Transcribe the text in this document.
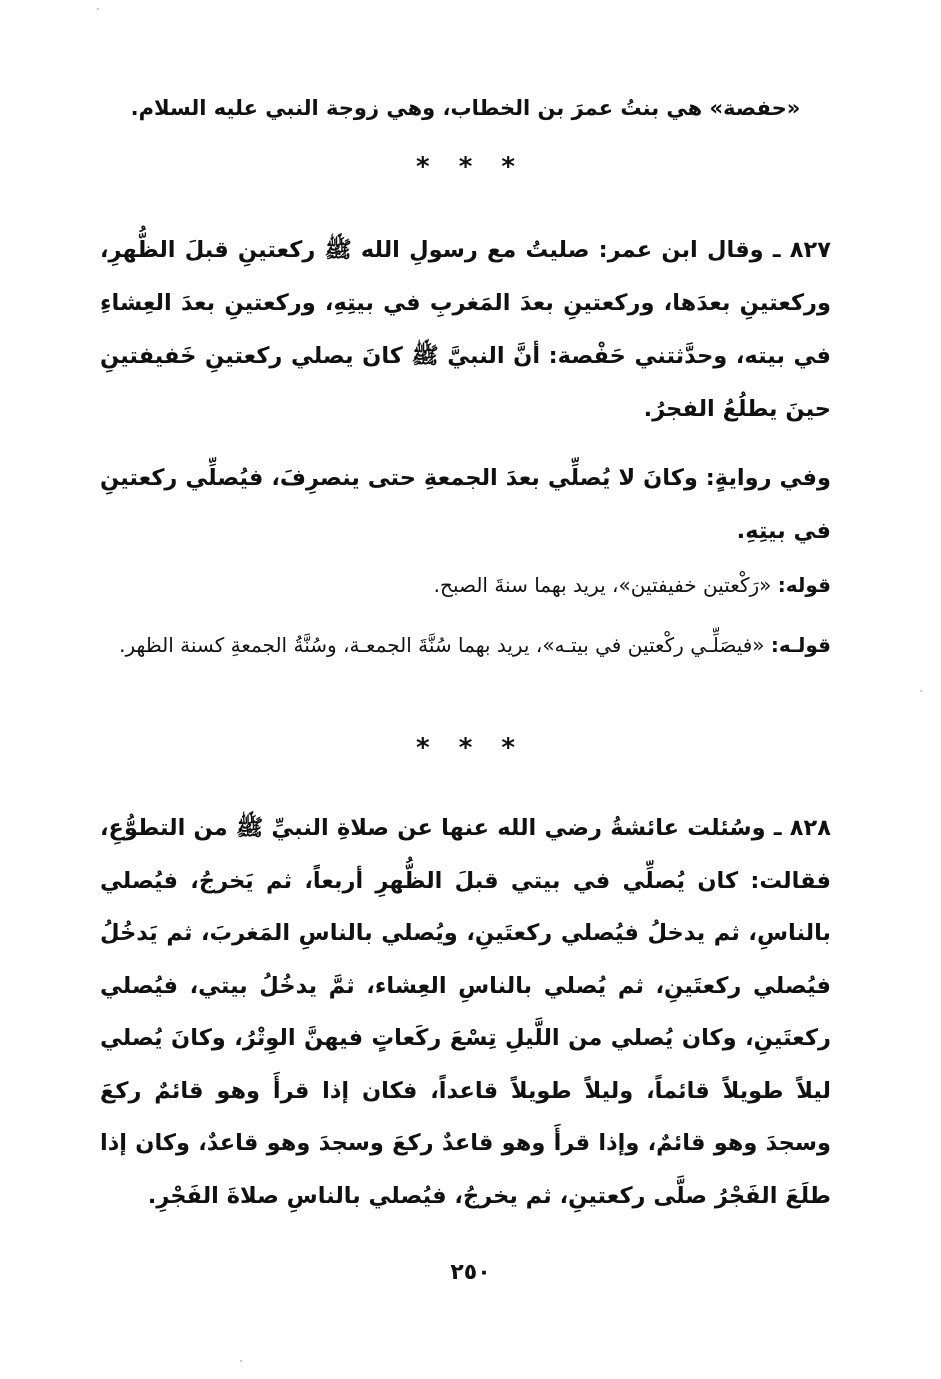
«حفصة» هي بنتُ عمرَ بن الخطاب، وهي زوجة النبي عليه السلام.
* * *
٨٢٧ ـ وقال ابن عمر: صليتُ مع رسولِ الله ﷺ ركعتينِ قبلَ الظُّهرِ، وركعتينِ بعدَها، وركعتينِ بعدَ المَغربِ في بيتِهِ، وركعتينِ بعدَ العِشاءِ في بيته، وحدَّثتني حَفْصة: أنَّ النبيَّ ﷺ كانَ يصلي ركعتينِ خَفيفتينِ حينَ يطلُعُ الفجرُ.
وفي روايةٍ: وكانَ لا يُصلِّي بعدَ الجمعةِ حتى ينصرِفَ، فيُصلِّي ركعتينِ في بيتِهِ.
قوله: «رَكْعتين خفيفتين»، يريد بهما سنةَ الصبح.
قولـه: «فيصَلِّـي ركْعتين في بيتـه»، يريد بهما سُنَّةَ الجمعـة، وسُنَّةُ الجمعةِ كسنة الظهر.
* * *
٨٢٨ ـ وسُئلت عائشةُ رضي الله عنها عن صلاةِ النبيِّ ﷺ من التطوُّعِ، فقالت: كان يُصلِّي في بيتي قبلَ الظُّهرِ أربعاً، ثم يَخرجُ، فيُصلي بالناسِ، ثم يدخلُ فيُصلي ركعتَينِ، ويُصلي بالناسِ المَغربَ، ثم يَدخُلُ فيُصلي ركعتَينِ، ثم يُصلي بالناسِ العِشاء، ثمَّ يدخُلُ بيتي، فيُصلي ركعتَينِ، وكان يُصلي من اللَّيلِ تِسْعَ ركَعاتٍ فيهنَّ الوِتْرُ، وكانَ يُصلي ليلاً طويلاً قائماً، وليلاً طويلاً قاعداً، فكان إذا قرأَ وهو قائمٌ ركعَ وسجدَ وهو قائمٌ، وإذا قرأَ وهو قاعدٌ ركعَ وسجدَ وهو قاعدٌ، وكان إذا طلَعَ الفَجْرُ صلَّى ركعتينِ، ثم يخرجُ، فيُصلي بالناسِ صلاةَ الفَجْرِ.
٢٥٠
